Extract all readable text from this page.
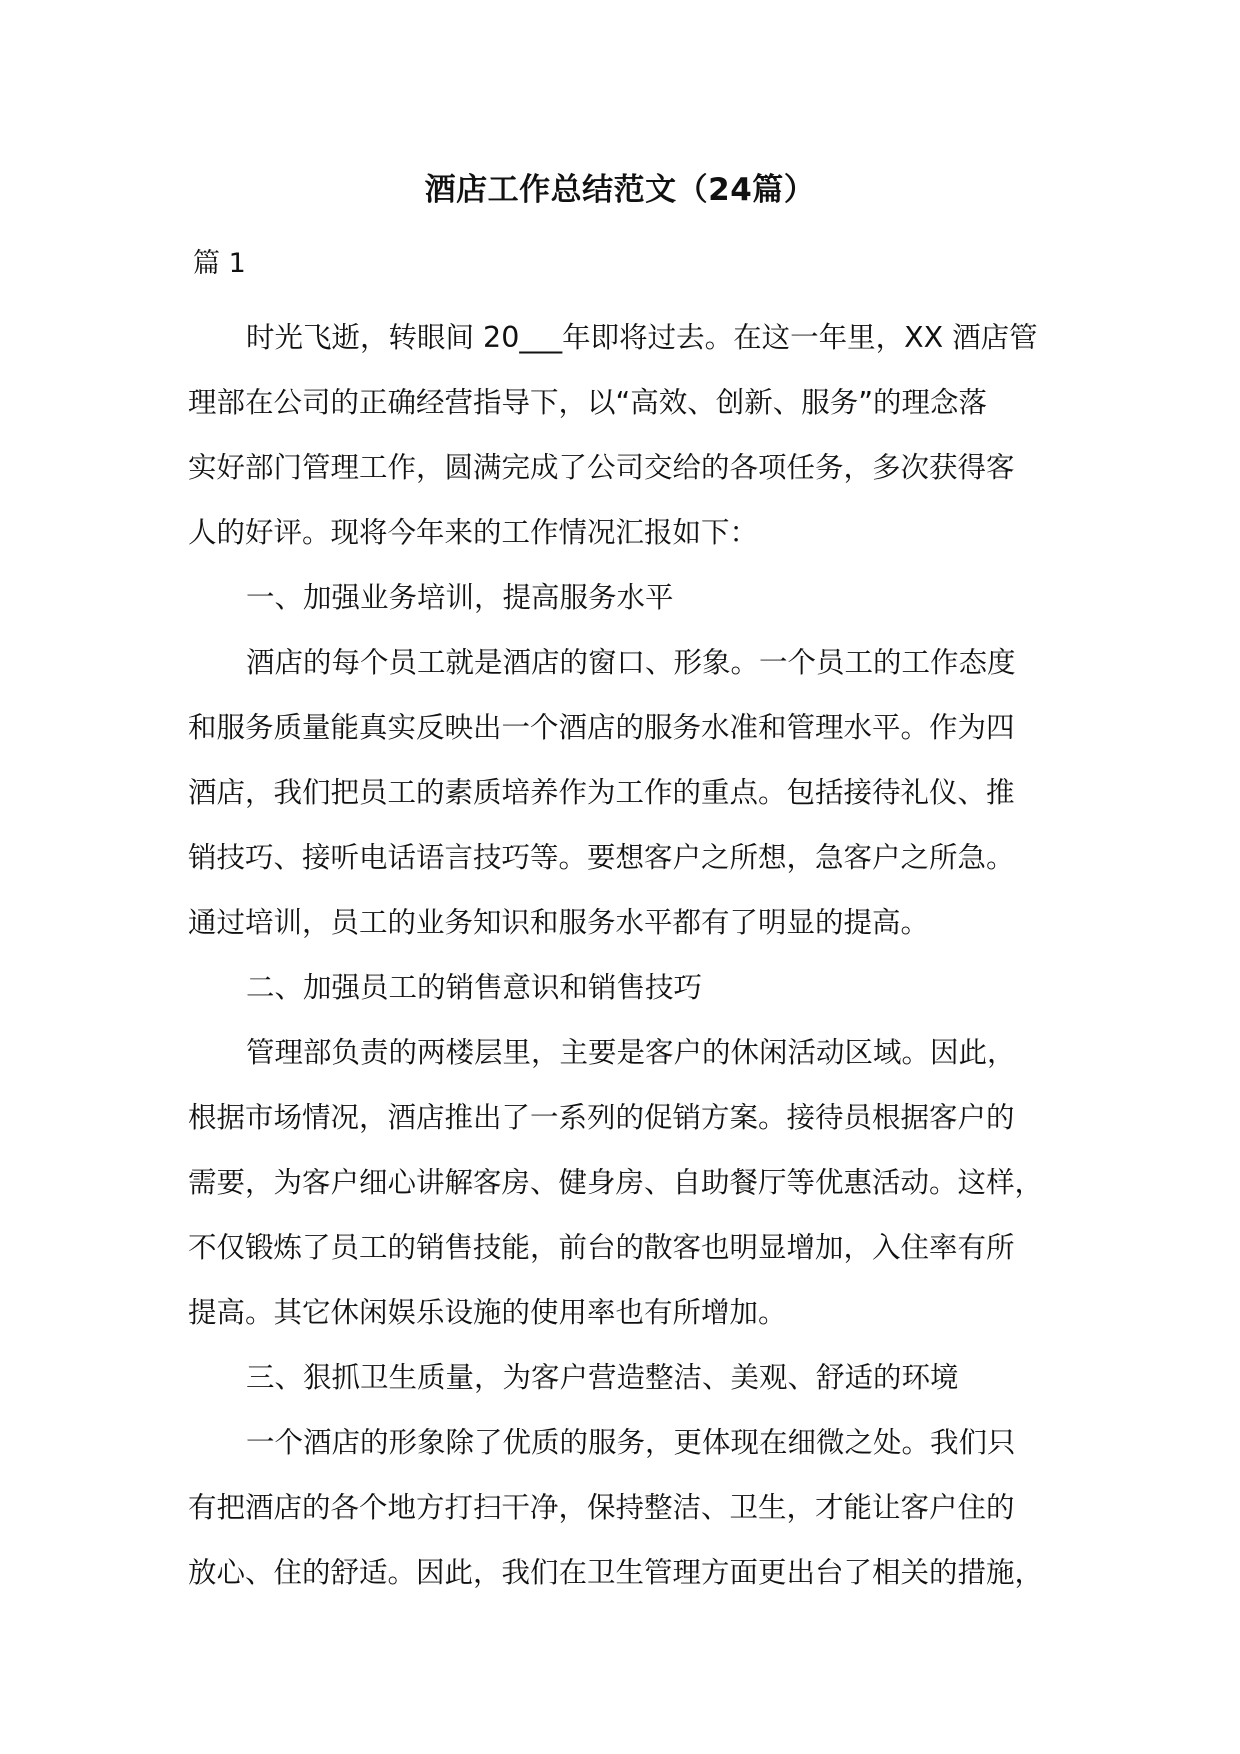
酒店工作总结范文（24篇）
篇 1
时光飞逝，转眼间 20___年即将过去。在这一年里，XX 酒店管
理部在公司的正确经营指导下，以“高效、创新、服务”的理念落
实好部门管理工作，圆满完成了公司交给的各项任务，多次获得客
人的好评。现将今年来的工作情况汇报如下：
一、加强业务培训，提高服务水平
酒店的每个员工就是酒店的窗口、形象。一个员工的工作态度
和服务质量能真实反映出一个酒店的服务水准和管理水平。作为四
酒店，我们把员工的素质培养作为工作的重点。包括接待礼仪、推
销技巧、接听电话语言技巧等。要想客户之所想，急客户之所急。
通过培训，员工的业务知识和服务水平都有了明显的提高。
二、加强员工的销售意识和销售技巧
管理部负责的两楼层里，主要是客户的休闲活动区域。因此，
根据市场情况，酒店推出了一系列的促销方案。接待员根据客户的
需要，为客户细心讲解客房、健身房、自助餐厅等优惠活动。这样，
不仅锻炼了员工的销售技能，前台的散客也明显增加，入住率有所
提高。其它休闲娱乐设施的使用率也有所增加。
三、狠抓卫生质量，为客户营造整洁、美观、舒适的环境
一个酒店的形象除了优质的服务，更体现在细微之处。我们只
有把酒店的各个地方打扫干净，保持整洁、卫生，才能让客户住的
放心、住的舒适。因此，我们在卫生管理方面更出台了相关的措施，
